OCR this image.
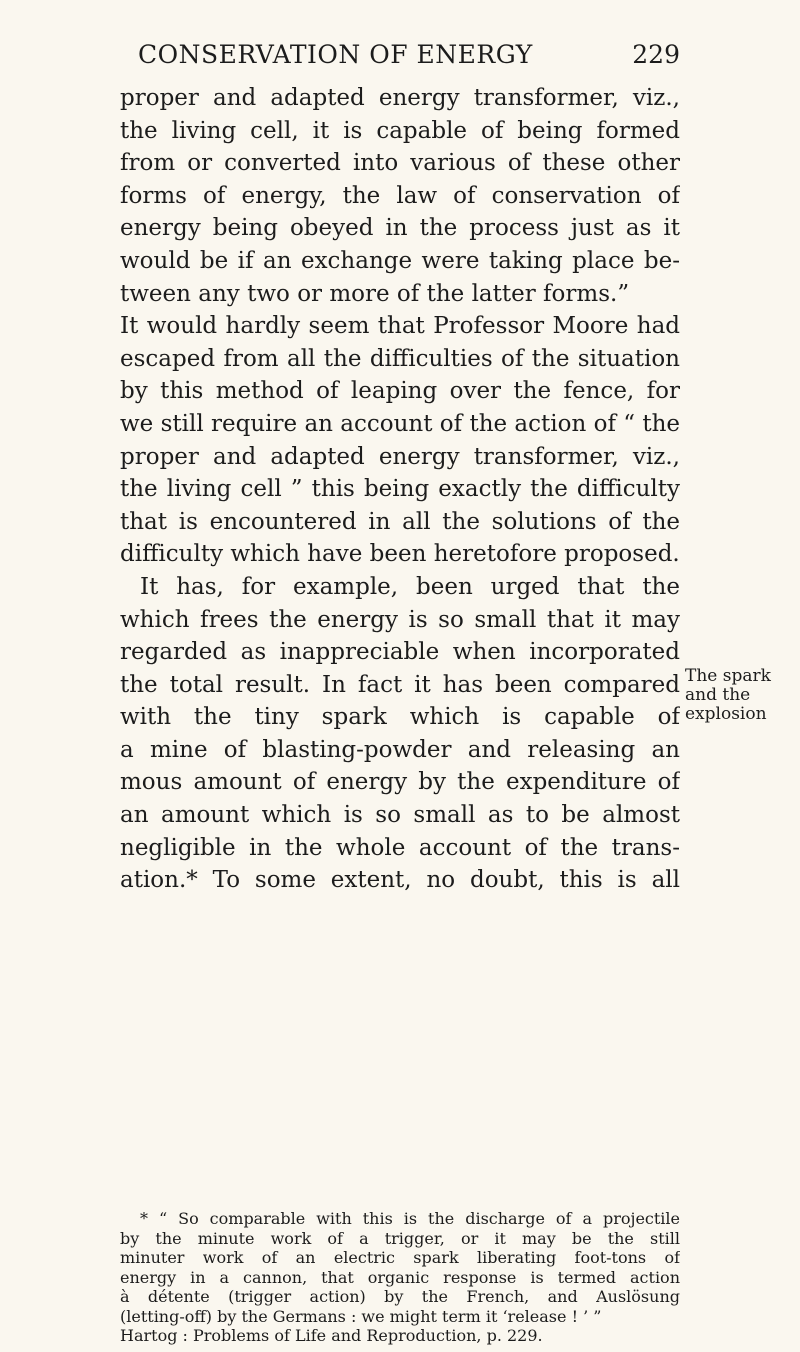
CONSERVATION OF ENERGY	229
proper and adapted energy transformer, viz.,
the living cell, it is capable of being formed
from or converted into various of these other
forms of energy, the law of conservation of
energy being obeyed in the process just as it
would be if an exchange were taking place be-
tween any two or more of the latter forms.”
It would hardly seem that Professor Moore had
escaped from all the difficulties of the situation
by this method of leaping over the fence, for
we still require an account of the action of “ the
proper and adapted energy transformer, viz.,
the living cell ” this being exactly the difficulty
that is encountered in all the solutions of the
difficulty which have been heretofore proposed.
It has, for example, been urged that the
which frees the energy is so small that it may
regarded as inappreciable when incorporated
the total result. In fact it has been compared
with the tiny spark which is capable of
a mine of blasting-powder and releasing an
mous amount of energy by the expenditure of
an amount which is so small as to be almost
negligible in the whole account of the trans-
ation.* To some extent, no doubt, this is all
The spark
and the
explosion
* “ So comparable with this is the discharge of a projectile
by the minute work of a trigger, or it may be the still
minuter work of an electric spark liberating foot-tons of
energy in a cannon, that organic response is termed action
à détente (trigger action) by the French, and Auslösung
(letting-off) by the Germans : we might term it ‘release ! ’ ”
Hartog : Problems of Life and Reproduction, p. 229.
